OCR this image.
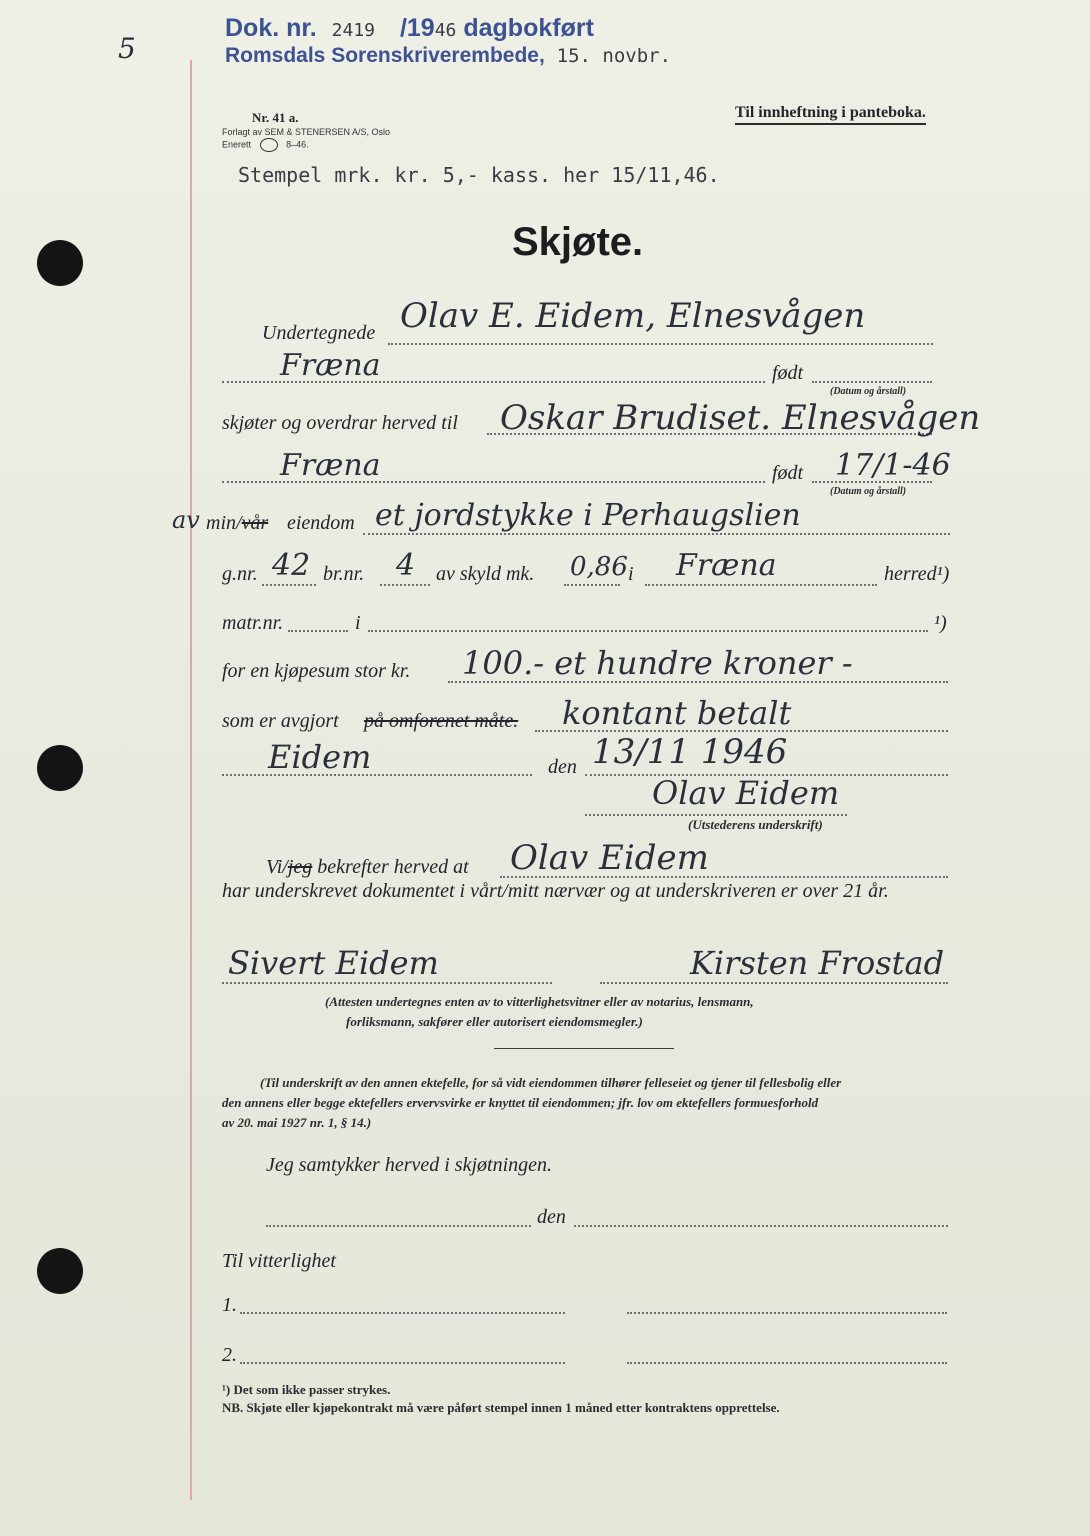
5
Dok. nr. 2419 /1946 dagbokført
Romsdals Sorenskriverembede, 15. novbr.
Nr. 41 a.
Forlagt av SEM & STENERSEN A/S, Oslo
Enerett	8–46.
Til innheftning i panteboka.
Stempel mrk. kr. 5,- kass. her 15/11,46.
Skjøte.
Undertegnede Olav E. Eidem, Elnesvågen
Fræna	født
(Datum og årstall)
skjøter og overdrar herved til Oskar Brudiset. Elnesvågen
Fræna	født 17/1-46
(Datum og årstall)
av min/vår eiendom et jordstykke i Perhaugslien
g.nr. 42 br.nr. 4 av skyld mk. 0,86 i Fræna	herred¹)
matr.nr.	i	¹)
for en kjøpesum stor kr. 100.- et hundre kroner -
som er avgjort på omforenet måte. kontant betalt
Eidem	den 13/11 1946
Olav Eidem
(Utstederens underskrift)
Vi/jeg bekrefter herved at Olav Eidem
har underskrevet dokumentet i vårt/mitt nærvær og at underskriveren er over 21 år.
Sivert Eidem	Kirsten Frostad
(Attesten undertegnes enten av to vitterlighetsvitner eller av notarius, lensmann,
forliksmann, sakfører eller autorisert eiendomsmegler.)
(Til underskrift av den annen ektefelle, for så vidt eiendommen tilhører felleseiet og tjener til fellesbolig eller
den annens eller begge ektefellers ervervsvirke er knyttet til eiendommen; jfr. lov om ektefellers formuesforhold
av 20. mai 1927 nr. 1, § 14.)
Jeg samtykker herved i skjøtningen.
den
Til vitterlighet
1.
2.
¹) Det som ikke passer strykes.
NB. Skjøte eller kjøpekontrakt må være påført stempel innen 1 måned etter kontraktens opprettelse.
